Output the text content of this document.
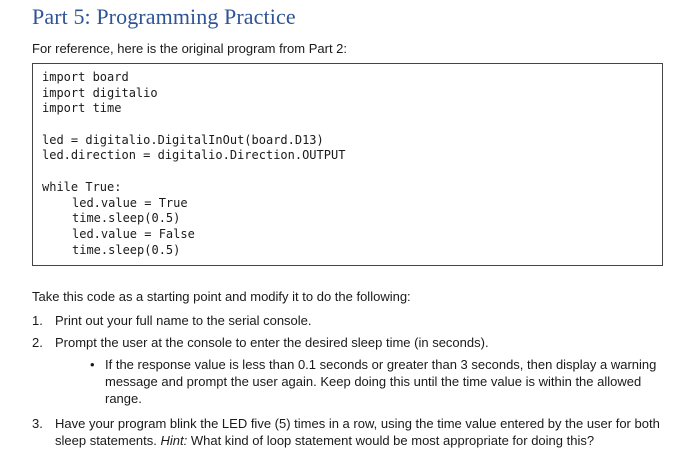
Part 5: Programming Practice

For reference, here is the original program from Part 2:

import board
import digitalio
import time
led = digitalio.DigitalInOut(board.D13)
led.direction = digitalio.Direction.OUTPUT
while True:
led.value = True
time.sleep(0.5)
led.value = False
time.sleep(0.5)

Take this code as a starting point and modify it to do the following:

1. Print out your full name to the serial console.
2. Prompt the user at the console to enter the desired sleep time (in seconds).
• If the response value is less than 0.1 seconds or greater than 3 seconds, then display a warning message and prompt the user again. Keep doing this until the time value is within the allowed range.
3. Have your program blink the LED five (5) times in a row, using the time value entered by the user for both sleep statements. Hint: What kind of loop statement would be most appropriate for doing this?
